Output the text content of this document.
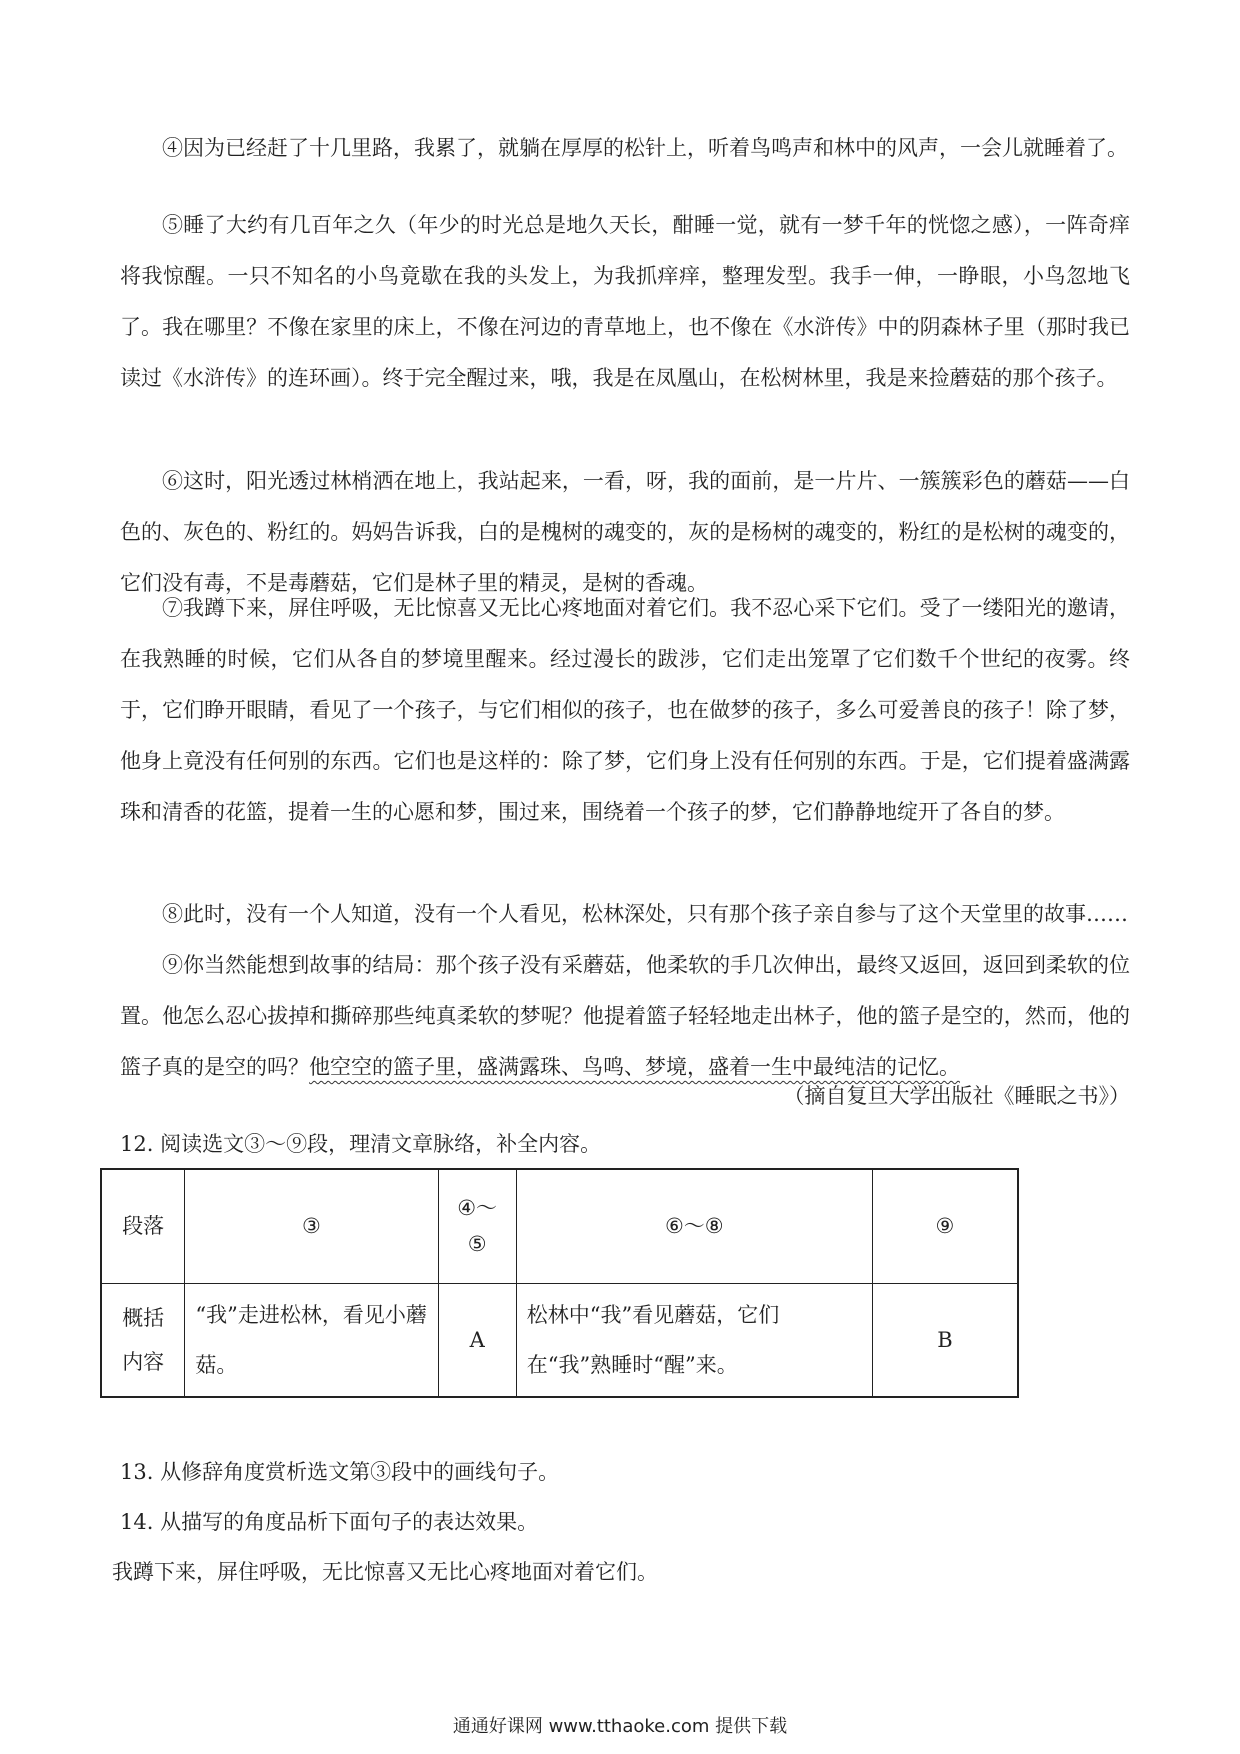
④因为已经赶了十几里路，我累了，就躺在厚厚的松针上，听着鸟鸣声和林中的风声，一会儿就睡着了。

⑤睡了大约有几百年之久（年少的时光总是地久天长，酣睡一觉，就有一梦千年的恍惚之感），一阵奇痒将我惊醒。一只不知名的小鸟竟歇在我的头发上，为我抓痒痒，整理发型。我手一伸，一睁眼，小鸟忽地飞了。我在哪里？不像在家里的床上，不像在河边的青草地上，也不像在《水浒传》中的阴森林子里（那时我已读过《水浒传》的连环画）。终于完全醒过来，哦，我是在凤凰山，在松树林里，我是来捡蘑菇的那个孩子。

⑥这时，阳光透过林梢洒在地上，我站起来，一看，呀，我的面前，是一片片、一簇簇彩色的蘑菇——白色的、灰色的、粉红的。妈妈告诉我，白的是槐树的魂变的，灰的是杨树的魂变的，粉红的是松树的魂变的，它们没有毒，不是毒蘑菇，它们是林子里的精灵，是树的香魂。

⑦我蹲下来，屏住呼吸，无比惊喜又无比心疼地面对着它们。我不忍心采下它们。受了一缕阳光的邀请，在我熟睡的时候，它们从各自的梦境里醒来。经过漫长的跋涉，它们走出笼罩了它们数千个世纪的夜雾。终于，它们睁开眼睛，看见了一个孩子，与它们相似的孩子，也在做梦的孩子，多么可爱善良的孩子！除了梦，他身上竟没有任何别的东西。它们也是这样的：除了梦，它们身上没有任何别的东西。于是，它们提着盛满露珠和清香的花篮，提着一生的心愿和梦，围过来，围绕着一个孩子的梦，它们静静地绽开了各自的梦。

⑧此时，没有一个人知道，没有一个人看见，松林深处，只有那个孩子亲自参与了这个天堂里的故事……

⑨你当然能想到故事的结局：那个孩子没有采蘑菇，他柔软的手几次伸出，最终又返回，返回到柔软的位置。他怎么忍心拔掉和撕碎那些纯真柔软的梦呢？他提着篮子轻轻地走出林子，他的篮子是空的，然而，他的篮子真的是空的吗？他空空的篮子里，盛满露珠、鸟鸣、梦境，盛着一生中最纯洁的记忆。

（摘自复旦大学出版社《睡眠之书》）
12. 阅读选文③～⑨段，理清文章脉络，补全内容。
段落	③	④～⑤	⑥～⑧	⑨
概括内容	“我”走进松林，看见小蘑菇。	A	松林中“我”看见蘑菇，它们在“我”熟睡时“醒”来。	B
13. 从修辞角度赏析选文第③段中的画线句子。
14. 从描写的角度品析下面句子的表达效果。
我蹲下来，屏住呼吸，无比惊喜又无比心疼地面对着它们。
通通好课网 www.tthaoke.com 提供下载
